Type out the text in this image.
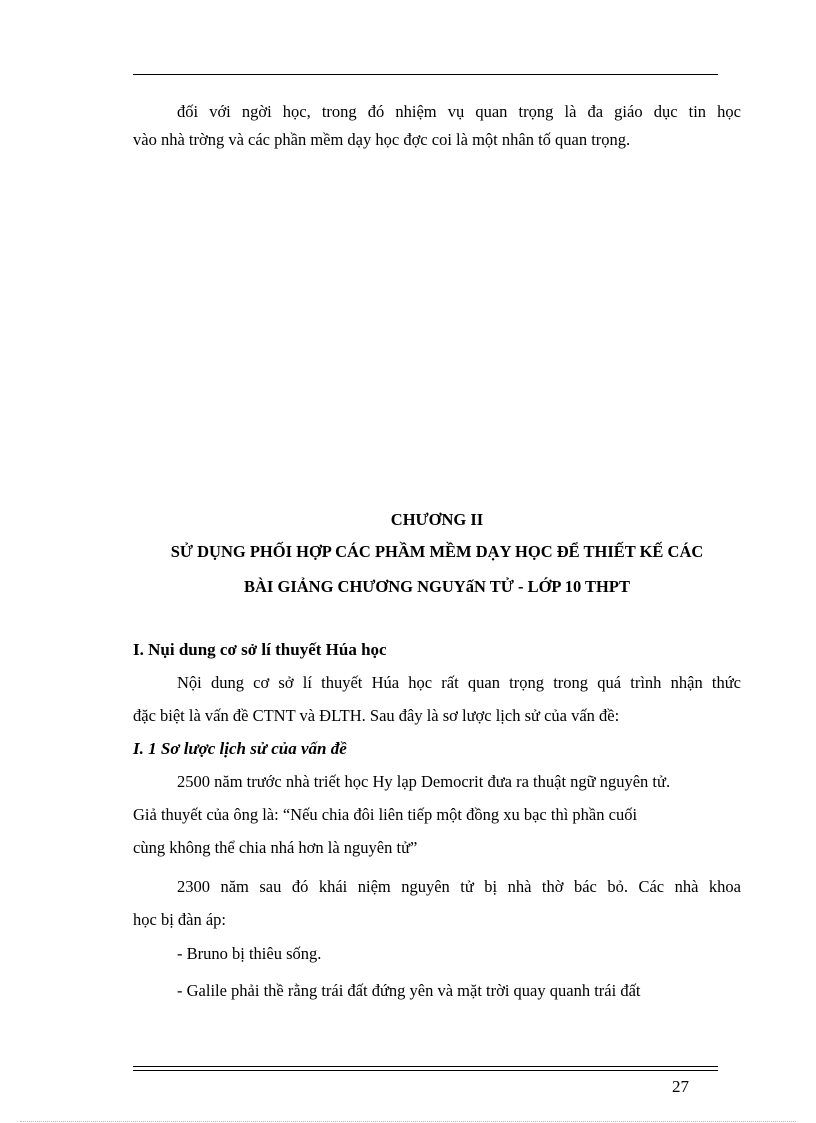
đối với ngời học, trong đó nhiệm vụ quan trọng là đa giáo dục tin học
vào nhà trờng và các phần mềm dạy học đợc coi là một nhân tố quan trọng.
CHƯƠNG II
SỬ DỤNG PHỐI HỢP CÁC PHẦM MỀM DẠY HỌC ĐỂ THIẾT KẾ CÁC
BÀI GIẢNG CHƯƠNG NGUYấN TỬ - LỚP 10 THPT
I. Nụi dung cơ sở lí thuyết Húa học
Nội dung cơ sở lí thuyết Húa học rất quan trọng trong quá trình nhận thức
đặc biệt là vấn đề CTNT và ĐLTH. Sau đây là sơ lược lịch sử của vấn đề:
I. 1 Sơ lược lịch sử của vấn đề
2500 năm trước nhà triết học Hy lạp Democrit đưa ra thuật ngữ nguyên tử.
Giả thuyết của ông là: “Nếu chia đôi liên tiếp một đồng xu bạc thì phần cuối
cùng không thể chia nhá hơn là nguyên tử”
2300 năm sau đó khái niệm nguyên tử bị nhà thờ bác bỏ. Các nhà khoa
học bị đàn áp:
- Bruno bị thiêu sống.
- Galile phải thề rằng trái đất đứng yên và mặt trời quay quanh trái đất
27
